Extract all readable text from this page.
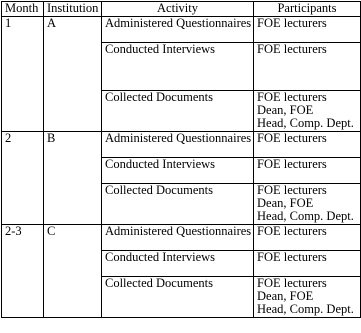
Month	Institution	Activity	Participants
1	A	Administered Questionnaires	FOE lecturers

		Conducted Interviews	FOE lecturers

		Collected Documents	FOE lecturers
Dean, FOE
Head, Comp. Dept.

2	B	Administered Questionnaires	FOE lecturers

		Conducted Interviews	FOE lecturers

		Collected Documents	FOE lecturers
Dean, FOE
Head, Comp. Dept.

2-3	C	Administered Questionnaires	FOE lecturers

		Conducted Interviews	FOE lecturers

		Collected Documents	FOE lecturers
Dean, FOE
Head, Comp. Dept.
